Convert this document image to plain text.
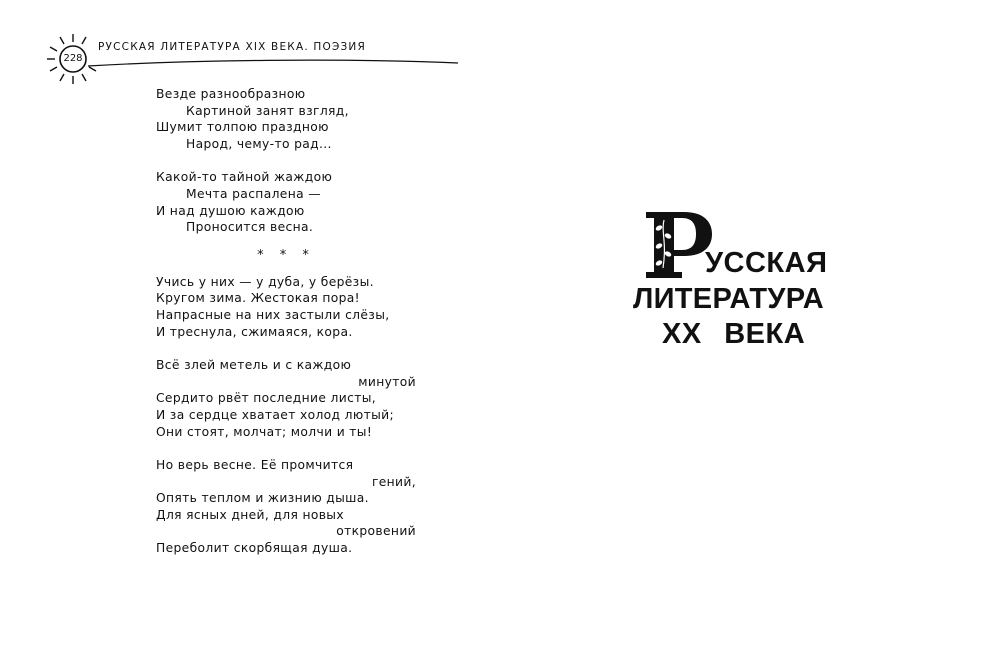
228
РУССКАЯ ЛИТЕРАТУРА XIX ВЕКА. ПОЭЗИЯ
Везде разнообразною
Картиной занят взгляд,
Шумит толпою праздною
Народ, чему-то рад...
Какой-то тайной жаждою
Мечта распалена —
И над душою каждою
Проносится весна.
* * *
Учись у них — у дуба, у берёзы.
Кругом зима. Жестокая пора!
Напрасные на них застыли слёзы,
И треснула, сжимаяся, кора.
Всё злей метель и с каждою
минутой
Сердито рвёт последние листы,
И за сердце хватает холод лютый;
Они стоят, молчат; молчи и ты!
Но верь весне. Её промчится
гений,
Опять теплом и жизнию дыша.
Для ясных дней, для новых
откровений
Переболит скорбящая душа.
УССКАЯ
ЛИТЕРАТУРА
XX ВЕКА
